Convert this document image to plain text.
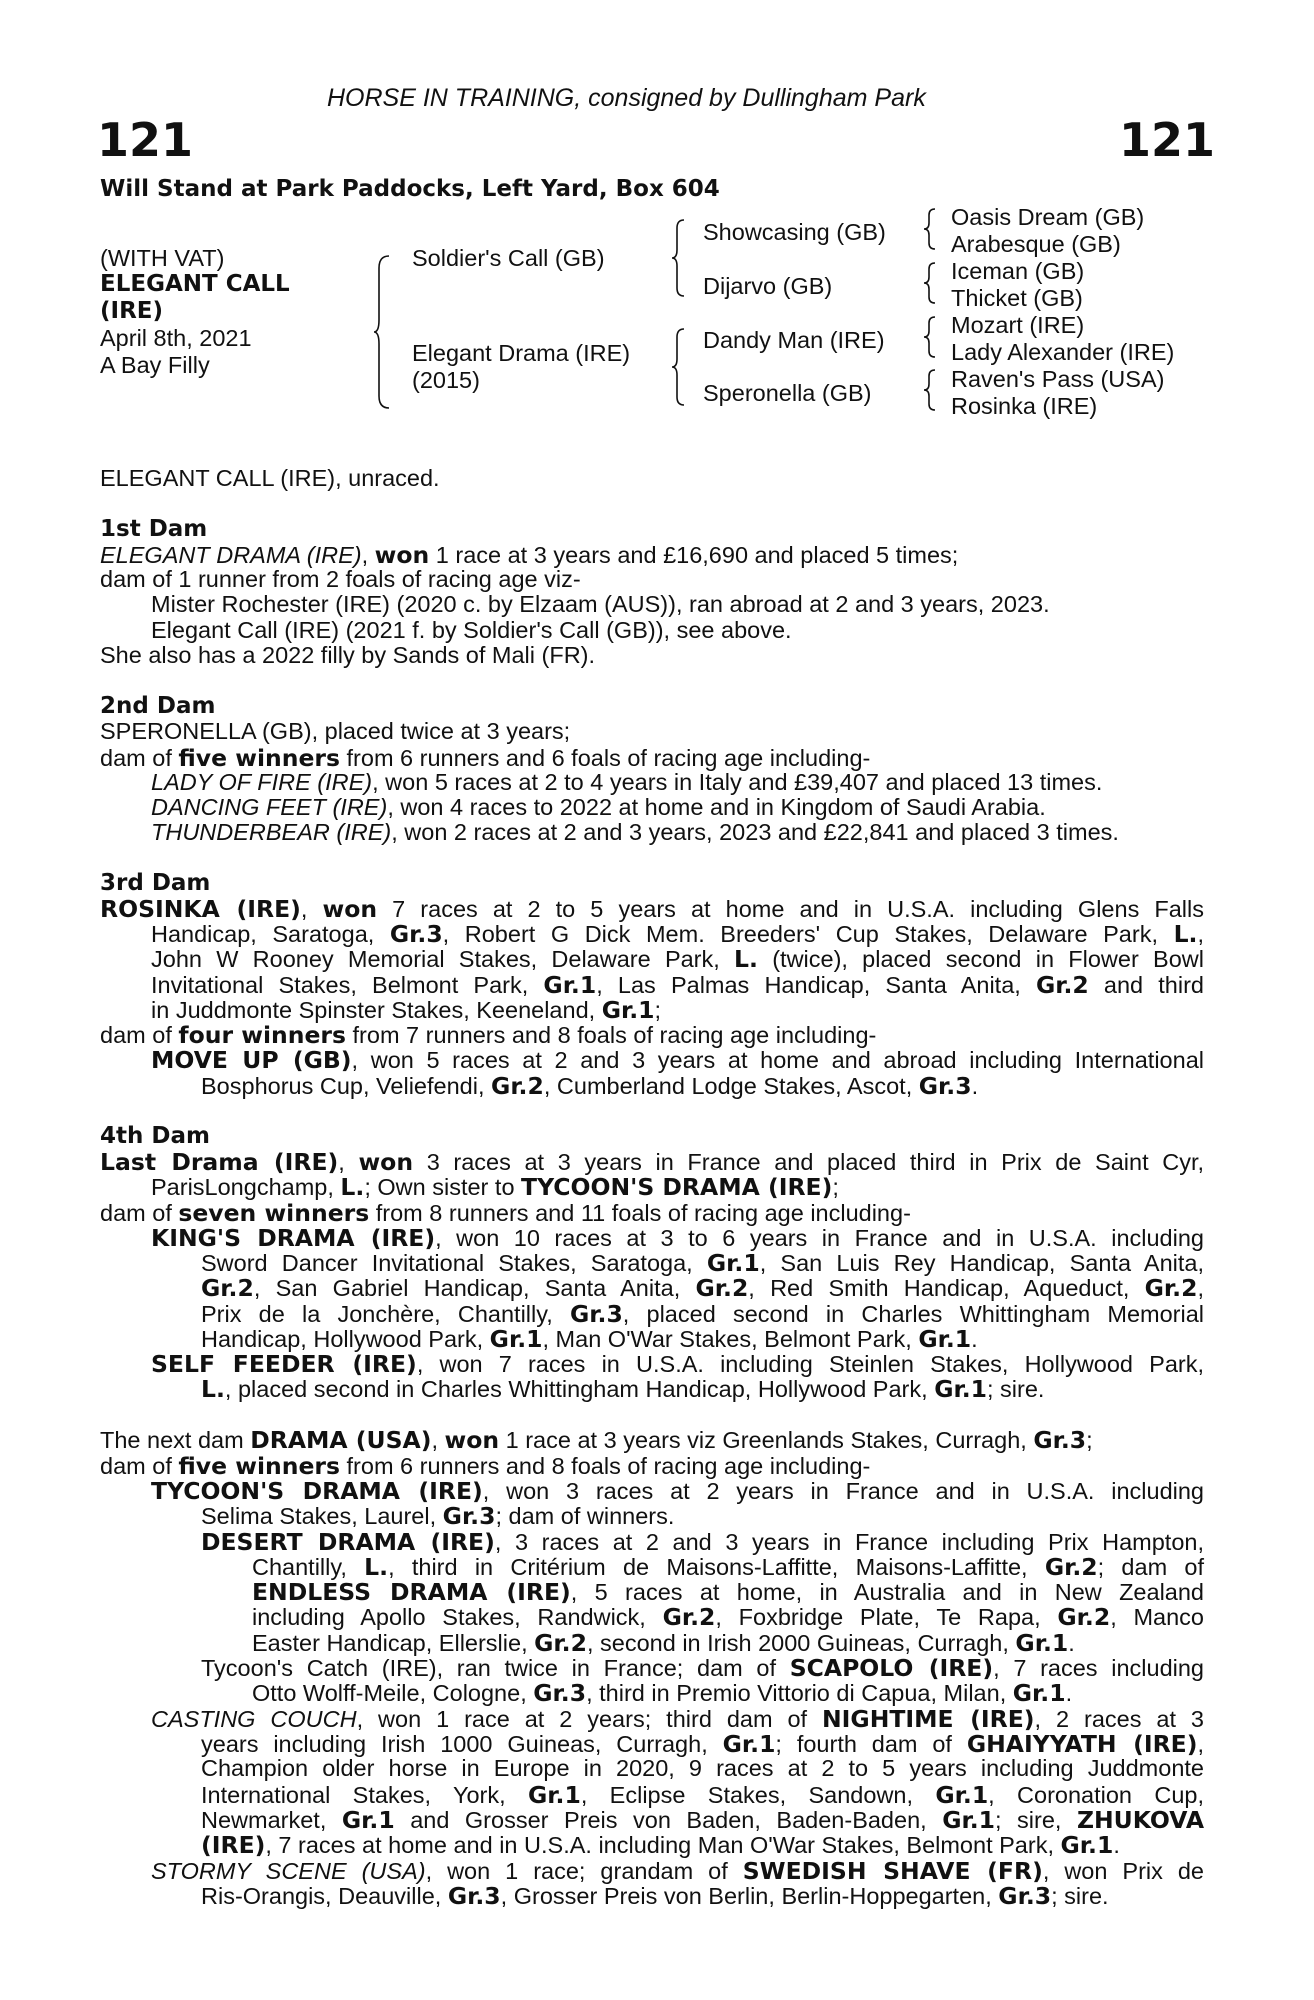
HORSE IN TRAINING, consigned by Dullingham Park
121	121
Will Stand at Park Paddocks, Left Yard, Box 604
(WITH VAT)
ELEGANT CALL
(IRE)
April 8th, 2021
A Bay Filly
Soldier's Call (GB)
Elegant Drama (IRE)
(2015)
Showcasing (GB)
Dijarvo (GB)
Dandy Man (IRE)
Speronella (GB)
Oasis Dream (GB)
Arabesque (GB)
Iceman (GB)
Thicket (GB)
Mozart (IRE)
Lady Alexander (IRE)
Raven's Pass (USA)
Rosinka (IRE)
ELEGANT CALL (IRE), unraced.
1st Dam
ELEGANT DRAMA (IRE), won 1 race at 3 years and £16,690 and placed 5 times;
dam of 1 runner from 2 foals of racing age viz-
Mister Rochester (IRE) (2020 c. by Elzaam (AUS)), ran abroad at 2 and 3 years, 2023.
Elegant Call (IRE) (2021 f. by Soldier's Call (GB)), see above.
She also has a 2022 filly by Sands of Mali (FR).
2nd Dam
SPERONELLA (GB), placed twice at 3 years;
dam of five winners from 6 runners and 6 foals of racing age including-
LADY OF FIRE (IRE), won 5 races at 2 to 4 years in Italy and £39,407 and placed 13 times.
DANCING FEET (IRE), won 4 races to 2022 at home and in Kingdom of Saudi Arabia.
THUNDERBEAR (IRE), won 2 races at 2 and 3 years, 2023 and £22,841 and placed 3 times.
3rd Dam
ROSINKA (IRE), won 7 races at 2 to 5 years at home and in U.S.A. including Glens Falls
Handicap, Saratoga, Gr.3, Robert G Dick Mem. Breeders' Cup Stakes, Delaware Park, L.,
John W Rooney Memorial Stakes, Delaware Park, L. (twice), placed second in Flower Bowl
Invitational Stakes, Belmont Park, Gr.1, Las Palmas Handicap, Santa Anita, Gr.2 and third
in Juddmonte Spinster Stakes, Keeneland, Gr.1;
dam of four winners from 7 runners and 8 foals of racing age including-
MOVE UP (GB), won 5 races at 2 and 3 years at home and abroad including International
Bosphorus Cup, Veliefendi, Gr.2, Cumberland Lodge Stakes, Ascot, Gr.3.
4th Dam
Last Drama (IRE), won 3 races at 3 years in France and placed third in Prix de Saint Cyr,
ParisLongchamp, L.; Own sister to TYCOON'S DRAMA (IRE);
dam of seven winners from 8 runners and 11 foals of racing age including-
KING'S DRAMA (IRE), won 10 races at 3 to 6 years in France and in U.S.A. including
Sword Dancer Invitational Stakes, Saratoga, Gr.1, San Luis Rey Handicap, Santa Anita,
Gr.2, San Gabriel Handicap, Santa Anita, Gr.2, Red Smith Handicap, Aqueduct, Gr.2,
Prix de la Jonchère, Chantilly, Gr.3, placed second in Charles Whittingham Memorial
Handicap, Hollywood Park, Gr.1, Man O'War Stakes, Belmont Park, Gr.1.
SELF FEEDER (IRE), won 7 races in U.S.A. including Steinlen Stakes, Hollywood Park,
L., placed second in Charles Whittingham Handicap, Hollywood Park, Gr.1; sire.
The next dam DRAMA (USA), won 1 race at 3 years viz Greenlands Stakes, Curragh, Gr.3;
dam of five winners from 6 runners and 8 foals of racing age including-
TYCOON'S DRAMA (IRE), won 3 races at 2 years in France and in U.S.A. including
Selima Stakes, Laurel, Gr.3; dam of winners.
DESERT DRAMA (IRE), 3 races at 2 and 3 years in France including Prix Hampton,
Chantilly, L., third in Critérium de Maisons-Laffitte, Maisons-Laffitte, Gr.2; dam of
ENDLESS DRAMA (IRE), 5 races at home, in Australia and in New Zealand
including Apollo Stakes, Randwick, Gr.2, Foxbridge Plate, Te Rapa, Gr.2, Manco
Easter Handicap, Ellerslie, Gr.2, second in Irish 2000 Guineas, Curragh, Gr.1.
Tycoon's Catch (IRE), ran twice in France; dam of SCAPOLO (IRE), 7 races including
Otto Wolff-Meile, Cologne, Gr.3, third in Premio Vittorio di Capua, Milan, Gr.1.
CASTING COUCH, won 1 race at 2 years; third dam of NIGHTIME (IRE), 2 races at 3
years including Irish 1000 Guineas, Curragh, Gr.1; fourth dam of GHAIYYATH (IRE),
Champion older horse in Europe in 2020, 9 races at 2 to 5 years including Juddmonte
International Stakes, York, Gr.1, Eclipse Stakes, Sandown, Gr.1, Coronation Cup,
Newmarket, Gr.1 and Grosser Preis von Baden, Baden-Baden, Gr.1; sire, ZHUKOVA
(IRE), 7 races at home and in U.S.A. including Man O'War Stakes, Belmont Park, Gr.1.
STORMY SCENE (USA), won 1 race; grandam of SWEDISH SHAVE (FR), won Prix de
Ris-Orangis, Deauville, Gr.3, Grosser Preis von Berlin, Berlin-Hoppegarten, Gr.3; sire.
